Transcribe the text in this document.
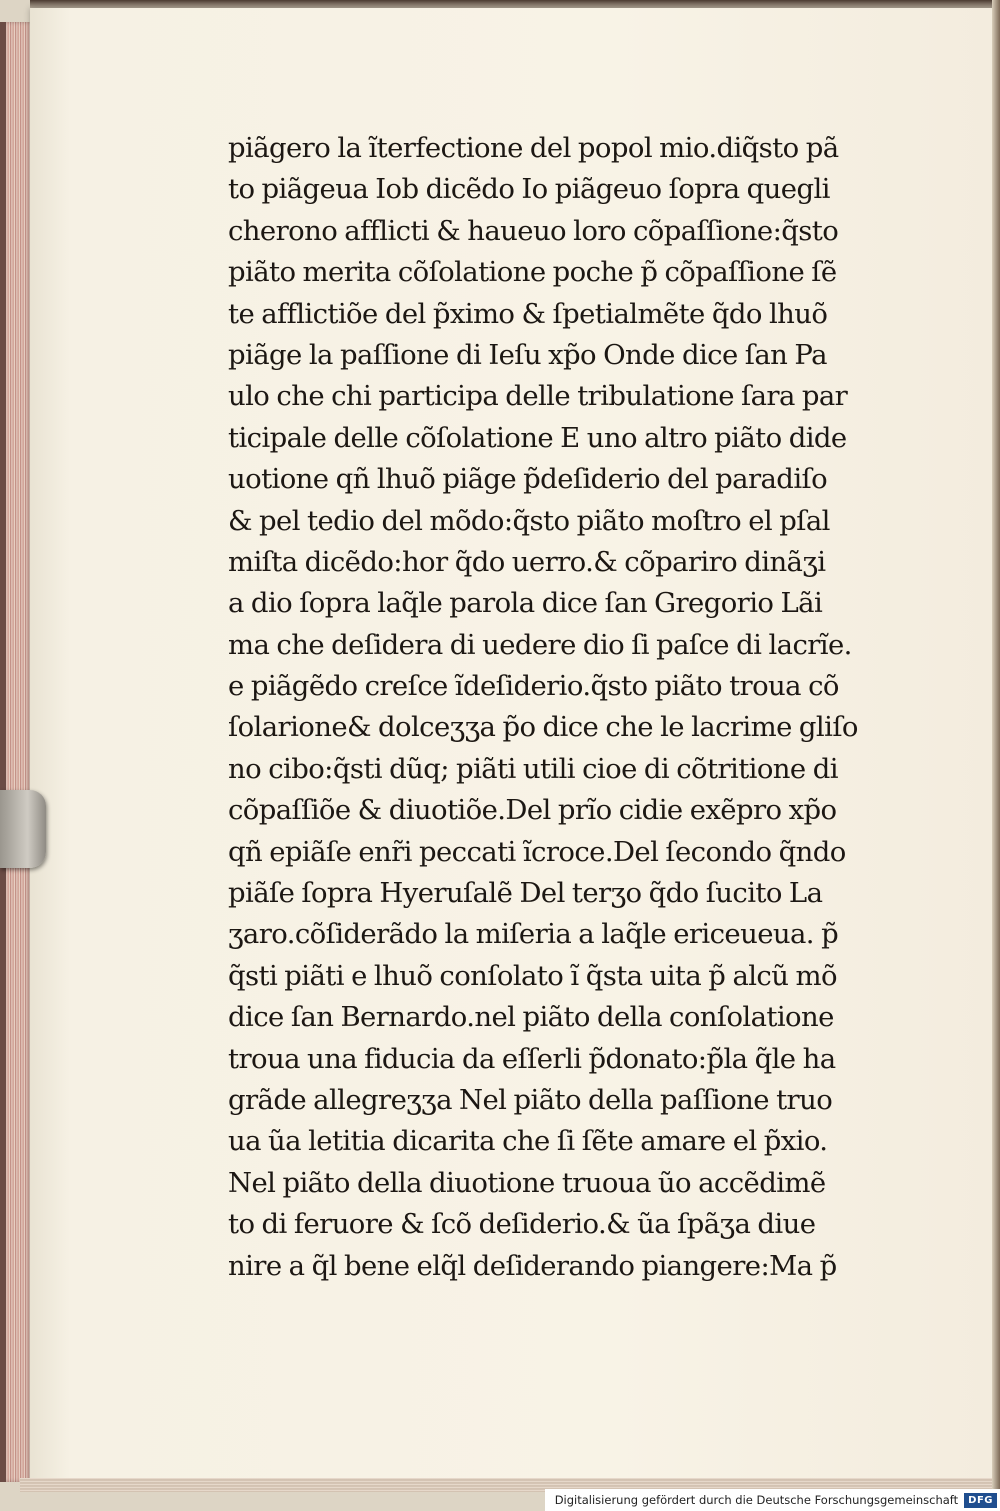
piãgero la ĩterfectione del popol mio.diq̃sto pã
to piãgeua Iob dicẽdo Io piãgeuo ſopra quegli
cherono afflicti & haueuo loro cõpaſſione:q̃sto
piãto merita cõſolatione poche p̃ cõpaſſione ſẽ
te afflictiõe del p̃ximo & ſpetialmẽte q̃do lhuõ
piãge la paſſione di Ieſu xp̃o Onde dice ſan Pa
ulo che chi participa delle tribulatione ſara par
ticipale delle cõſolatione E uno altro piãto dide
uotione qñ lhuõ piãge p̃deſiderio del paradiſo
& pel tedio del mõdo:q̃sto piãto moſtro el pſal
miſta dicẽdo:hor q̃do uerro.& cõpariro dinãʒi
a dio ſopra laq̃le parola dice ſan Gregorio Lãi
ma che deſidera di uedere dio ſi paſce di lacrĩe.
e piãgẽdo creſce ĩdeſiderio.q̃sto piãto troua cõ
ſolarione& dolceʒʒa p̃o dice che le lacrime gliſo
no cibo:q̃sti dũq; piãti utili cioe di cõtritione di
cõpaſſiõe & diuotiõe.Del prĩo cidie exẽpro xp̃o
qñ epiãſe enr̃i peccati ĩcroce.Del ſecondo q̃ndo
piãſe ſopra Hyeruſalẽ Del terʒo q̃do ſucito La
ʒaro.cõſiderãdo la miſeria a laq̃le ericeueua. p̃
q̃sti piãti e lhuõ conſolato ĩ q̃sta uita p̃ alcũ mõ
dice ſan Bernardo.nel piãto della conſolatione
troua una fiducia da eſſerli p̃donato:p̃la q̃le ha
grãde allegreʒʒa Nel piãto della paſſione truo
ua ũa letitia dicarita che ſi ſẽte amare el p̃xio.
Nel piãto della diuotione truoua ũo accẽdimẽ
to di feruore & ſcõ deſiderio.& ũa ſpãʒa diue
nire a q̃l bene elq̃l deſiderando piangere:Ma p̃
Digitalisierung gefördert durch die Deutsche Forschungsgemeinschaft	DFG
